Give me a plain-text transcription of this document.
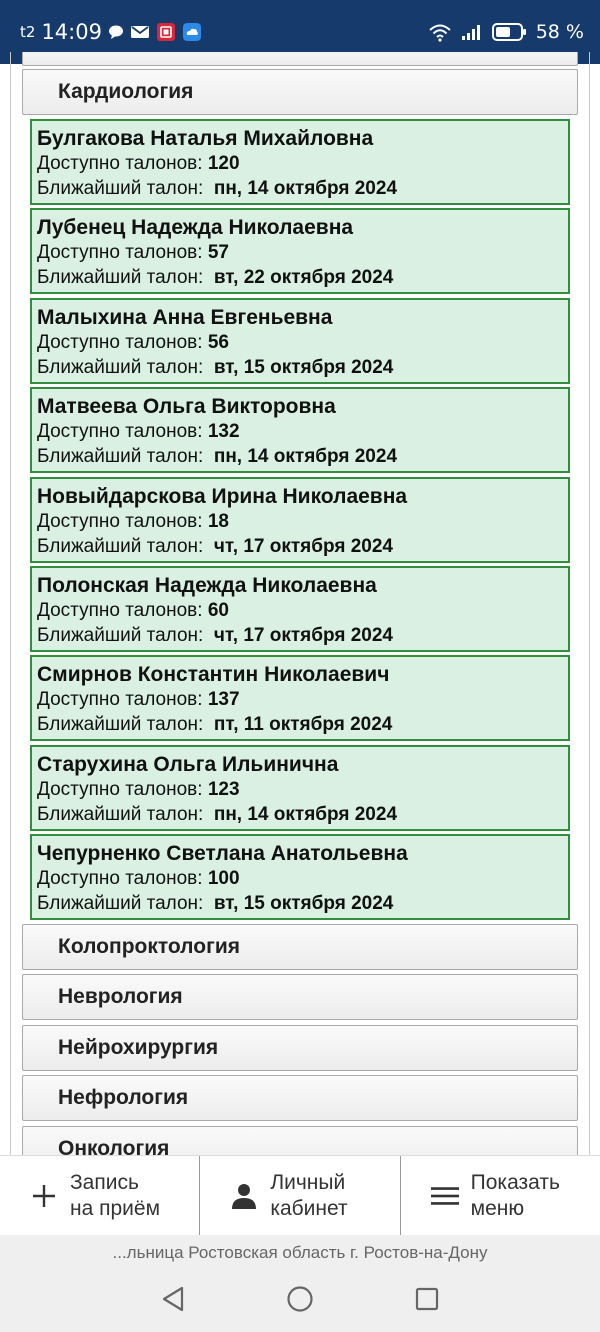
t2 14:09	58 %
Кардиология
Булгакова Наталья Михайловна
Доступно талонов: 120
Ближайший талон: пн, 14 октября 2024
Лубенец Надежда Николаевна
Доступно талонов: 57
Ближайший талон: вт, 22 октября 2024
Малыхина Анна Евгеньевна
Доступно талонов: 56
Ближайший талон: вт, 15 октября 2024
Матвеева Ольга Викторовна
Доступно талонов: 132
Ближайший талон: пн, 14 октября 2024
Новыйдарскова Ирина Николаевна
Доступно талонов: 18
Ближайший талон: чт, 17 октября 2024
Полонская Надежда Николаевна
Доступно талонов: 60
Ближайший талон: чт, 17 октября 2024
Смирнов Константин Николаевич
Доступно талонов: 137
Ближайший талон: пт, 11 октября 2024
Старухина Ольга Ильинична
Доступно талонов: 123
Ближайший талон: пн, 14 октября 2024
Чепурненко Светлана Анатольевна
Доступно талонов: 100
Ближайший талон: вт, 15 октября 2024
Колопроктология
Неврология
Нейрохирургия
Нефрология
Онкология
Запись
на приём
Личный
кабинет
Показать
меню
...льница Ростовская область г. Ростов-на-Дону
